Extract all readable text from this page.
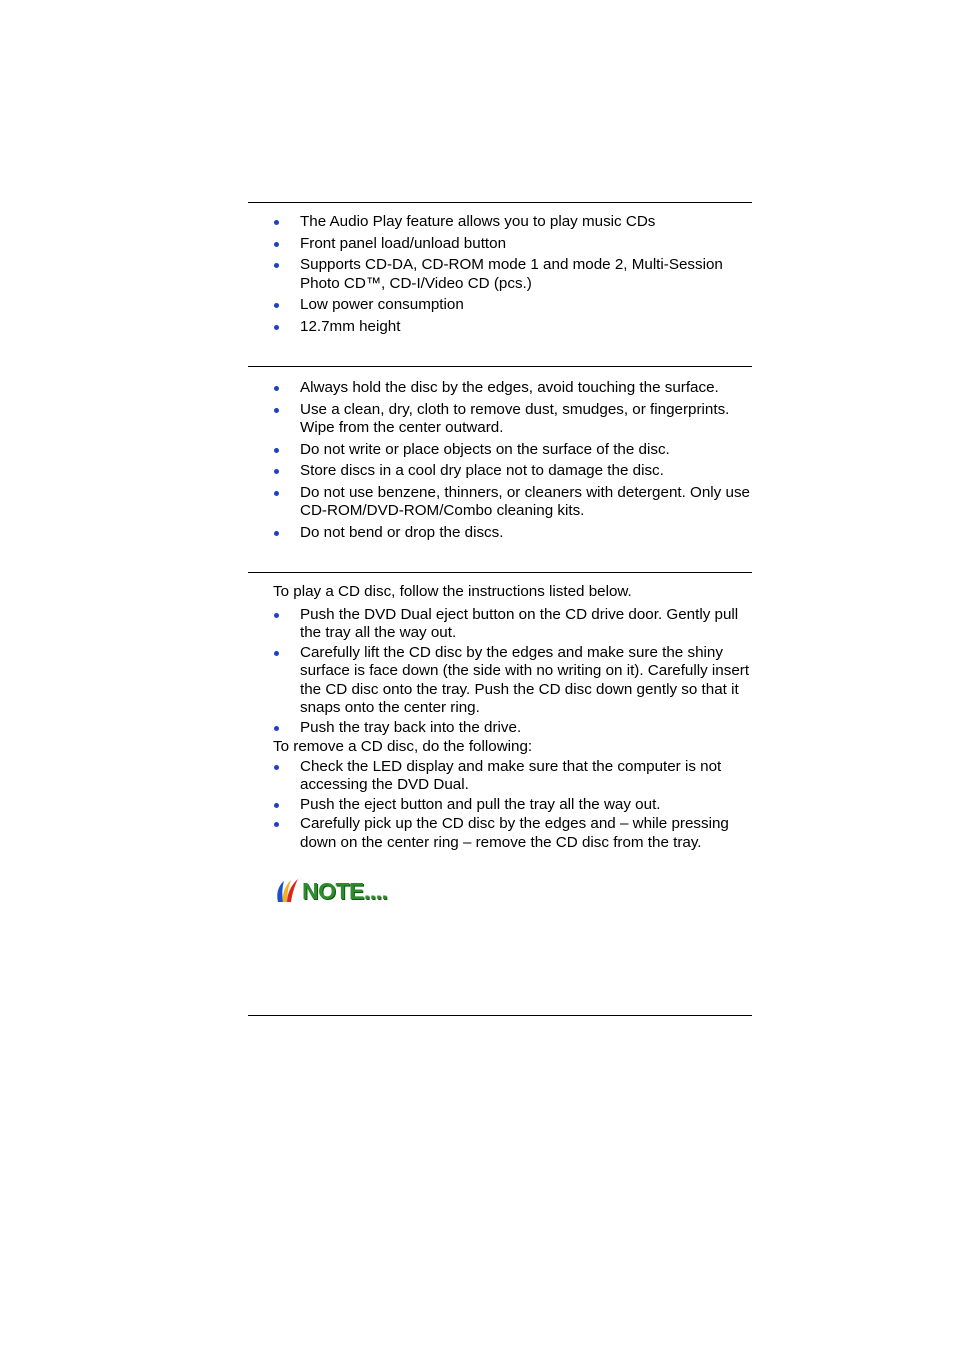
The Audio Play feature allows you to play music CDs
Front panel load/unload button
Supports CD-DA, CD-ROM mode 1 and mode 2, Multi-Session Photo CD™, CD-I/Video CD (pcs.)
Low power consumption
12.7mm height
Always hold the disc by the edges, avoid touching the surface.
Use a clean, dry, cloth to remove dust, smudges, or fingerprints. Wipe from the center outward.
Do not write or place objects on the surface of the disc.
Store discs in a cool dry place not to damage the disc.
Do not use benzene, thinners, or cleaners with detergent. Only use CD-ROM/DVD-ROM/Combo cleaning kits.
Do not bend or drop the discs.

To play a CD disc, follow the instructions listed below.

Push the DVD Dual eject button on the CD drive door. Gently pull the tray all the way out.
Carefully lift the CD disc by the edges and make sure the shiny surface is face down (the side with no writing on it). Carefully insert the CD disc onto the tray. Push the CD disc down gently so that it snaps onto the center ring.
Push the tray back into the drive.

To remove a CD disc, do the following:

Check the LED display and make sure that the computer is not accessing the DVD Dual.
Push the eject button and pull the tray all the way out.
Carefully pick up the CD disc by the edges and – while pressing down on the center ring – remove the CD disc from the tray.
NOTE....
